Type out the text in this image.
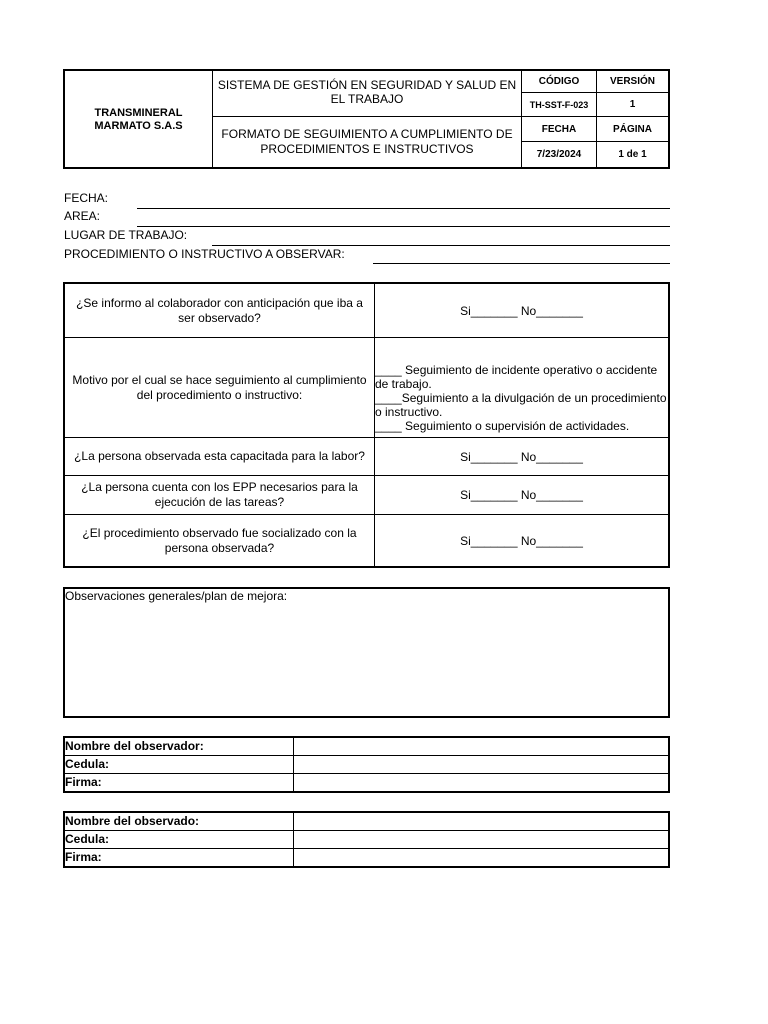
TRANSMINERAL MARMATO S.A.S
SISTEMA DE GESTIÓN EN SEGURIDAD Y SALUD EN EL TRABAJO
FORMATO DE SEGUIMIENTO A CUMPLIMIENTO DE PROCEDIMIENTOS E INSTRUCTIVOS
CÓDIGO	VERSIÓN
TH-SST-F-023	1
FECHA	PÁGINA
7/23/2024	1 de 1
FECHA:
AREA:
LUGAR DE TRABAJO:
PROCEDIMIENTO O INSTRUCTIVO A OBSERVAR:
¿Se informo al colaborador con anticipación que iba a ser observado?	Si_______ No_______
Motivo por el cual se hace seguimiento al cumplimiento del procedimiento o instructivo:
____ Seguimiento de incidente operativo o accidente de trabajo.
____Seguimiento a la divulgación de un procedimiento o instructivo.
____ Seguimiento o supervisión de actividades.
¿La persona observada esta capacitada para la labor?	Si_______ No_______
¿La persona cuenta con los EPP necesarios para la ejecución de las tareas?	Si_______ No_______
¿El procedimiento observado fue socializado con la persona observada?	Si_______ No_______
Observaciones generales/plan de mejora:
Nombre del observador:
Cedula:
Firma:
Nombre del observado:
Cedula:
Firma:
